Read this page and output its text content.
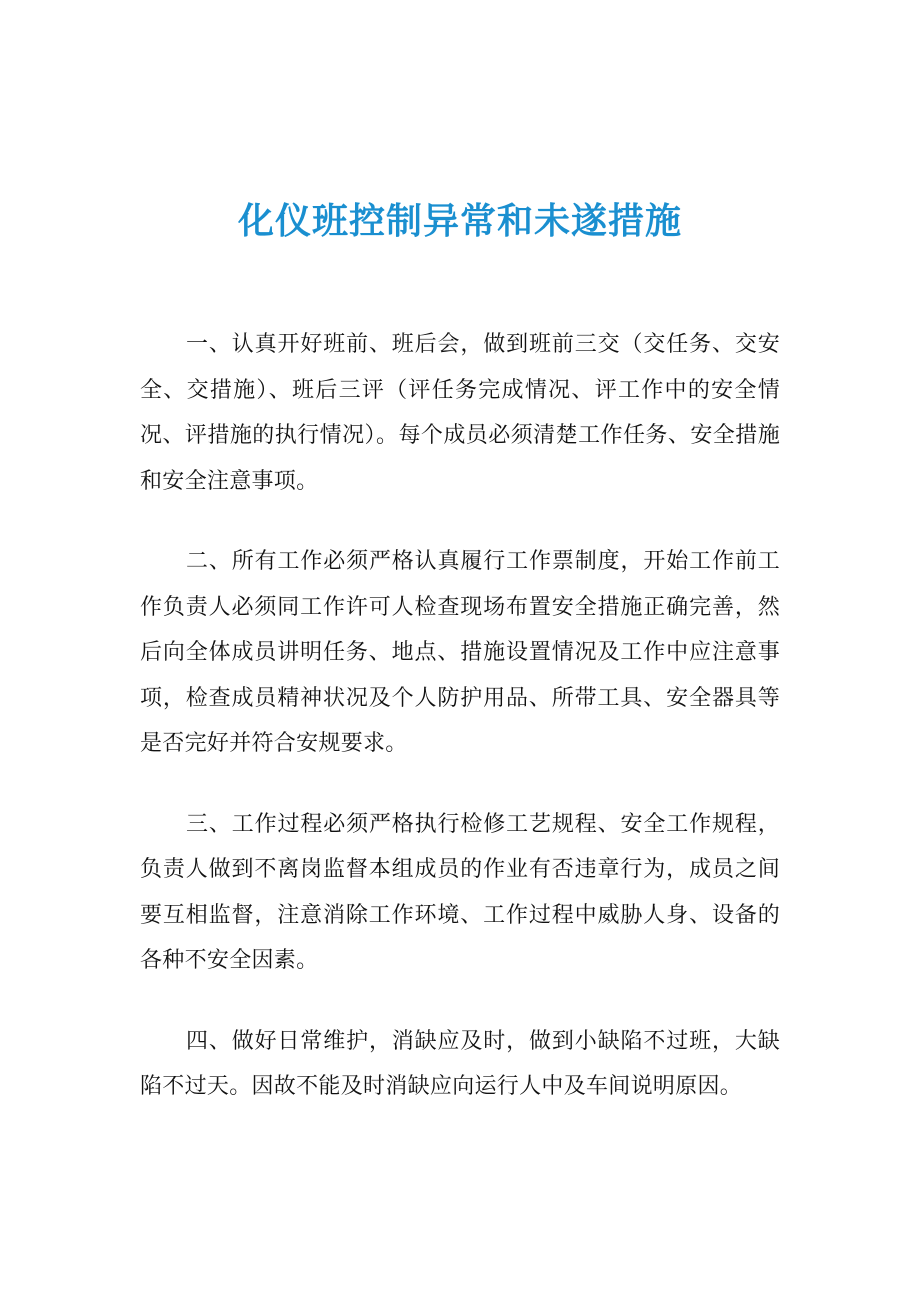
化仪班控制异常和未遂措施

一、认真开好班前、班后会，做到班前三交（交任务、交安全、交措施）、班后三评（评任务完成情况、评工作中的安全情况、评措施的执行情况）。每个成员必须清楚工作任务、安全措施和安全注意事项。

二、所有工作必须严格认真履行工作票制度，开始工作前工作负责人必须同工作许可人检查现场布置安全措施正确完善，然后向全体成员讲明任务、地点、措施设置情况及工作中应注意事项，检查成员精神状况及个人防护用品、所带工具、安全器具等是否完好并符合安规要求。

三、工作过程必须严格执行检修工艺规程、安全工作规程，负责人做到不离岗监督本组成员的作业有否违章行为，成员之间要互相监督，注意消除工作环境、工作过程中威胁人身、设备的各种不安全因素。

四、做好日常维护，消缺应及时，做到小缺陷不过班，大缺陷不过天。因故不能及时消缺应向运行人中及车间说明原因。
